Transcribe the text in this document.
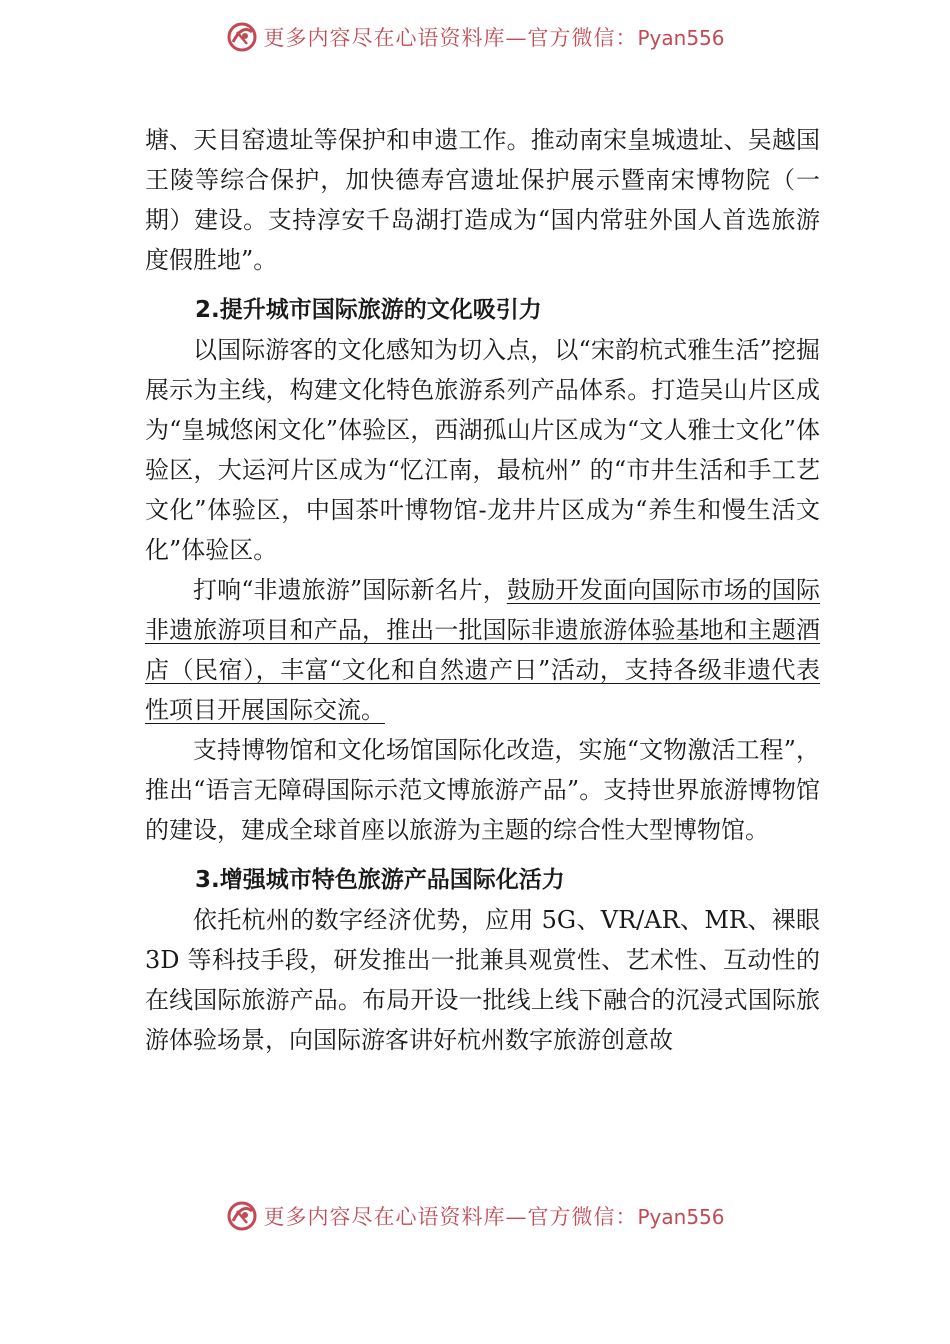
更多内容尽在心语资料库—官方微信：Pyan556

塘、天目窑遗址等保护和申遗工作。推动南宋皇城遗址、吴越国王陵等综合保护，加快德寿宫遗址保护展示暨南宋博物院（一期）建设。支持淳安千岛湖打造成为“国内常驻外国人首选旅游度假胜地”。

2.提升城市国际旅游的文化吸引力

以国际游客的文化感知为切入点，以“宋韵杭式雅生活”挖掘展示为主线，构建文化特色旅游系列产品体系。打造吴山片区成为“皇城悠闲文化”体验区，西湖孤山片区成为“文人雅士文化”体验区，大运河片区成为“忆江南，最杭州” 的“市井生活和手工艺文化”体验区，中国茶叶博物馆-龙井片区成为“养生和慢生活文化”体验区。

打响“非遗旅游”国际新名片，鼓励开发面向国际市场的国际非遗旅游项目和产品，推出一批国际非遗旅游体验基地和主题酒店（民宿），丰富“文化和自然遗产日”活动，支持各级非遗代表性项目开展国际交流。

支持博物馆和文化场馆国际化改造，实施“文物激活工程”，推出“语言无障碍国际示范文博旅游产品”。支持世界旅游博物馆的建设，建成全球首座以旅游为主题的综合性大型博物馆。

3.增强城市特色旅游产品国际化活力

依托杭州的数字经济优势，应用 5G、VR/AR、MR、裸眼 3D 等科技手段，研发推出一批兼具观赏性、艺术性、互动性的在线国际旅游产品。布局开设一批线上线下融合的沉浸式国际旅游体验场景，向国际游客讲好杭州数字旅游创意故

更多内容尽在心语资料库—官方微信：Pyan556
